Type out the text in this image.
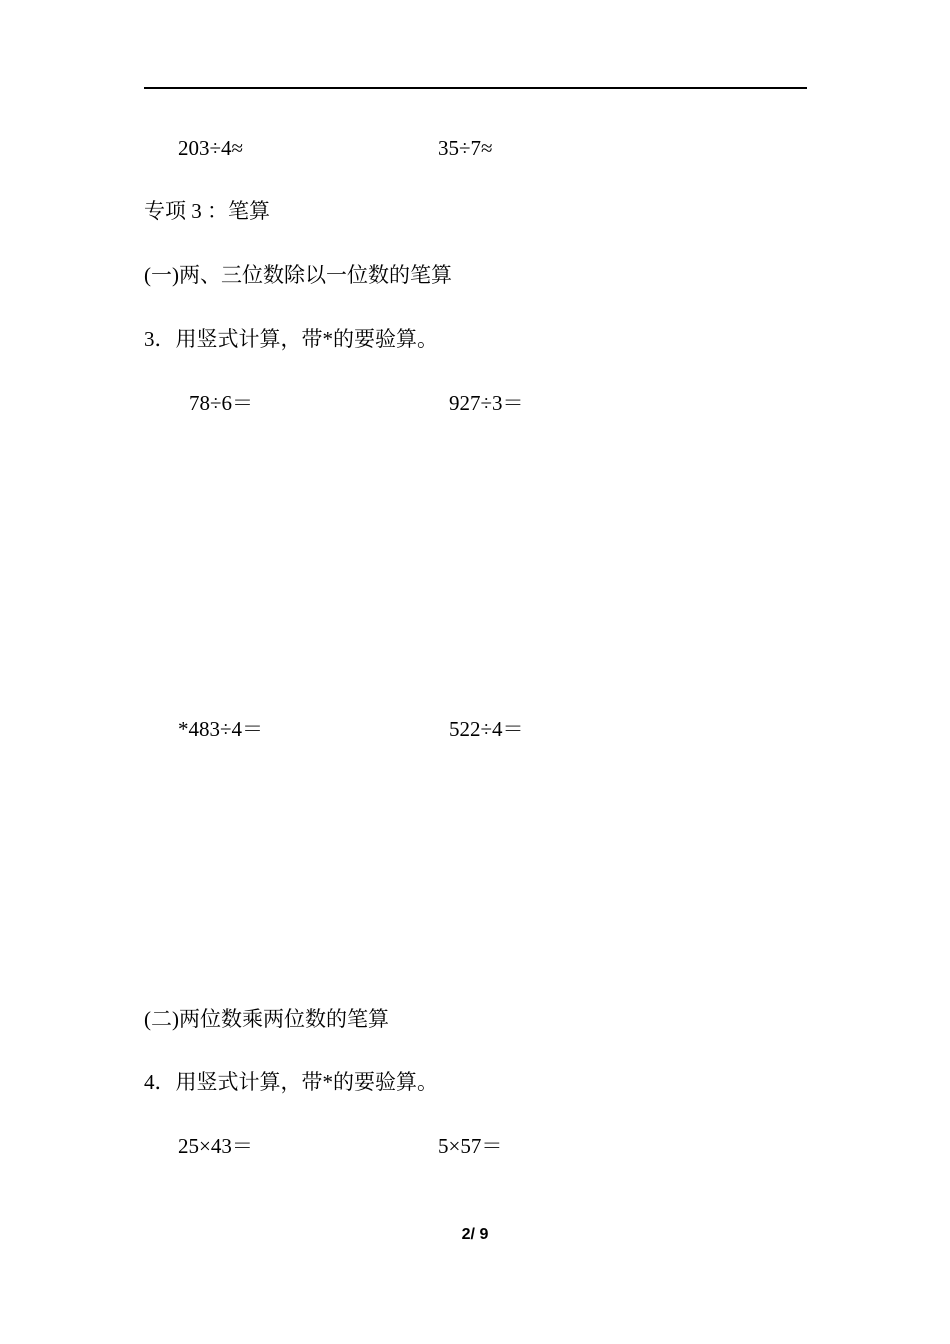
203÷4≈	35÷7≈
专项 3 ：笔算
(一)两、三位数除以一位数的笔算
3．用竖式计算，带*的要验算。
78÷6＝	927÷3＝
*483÷4＝	522÷4＝
(二)两位数乘两位数的笔算
4．用竖式计算，带*的要验算。
25×43＝	5×57＝
2/ 9
